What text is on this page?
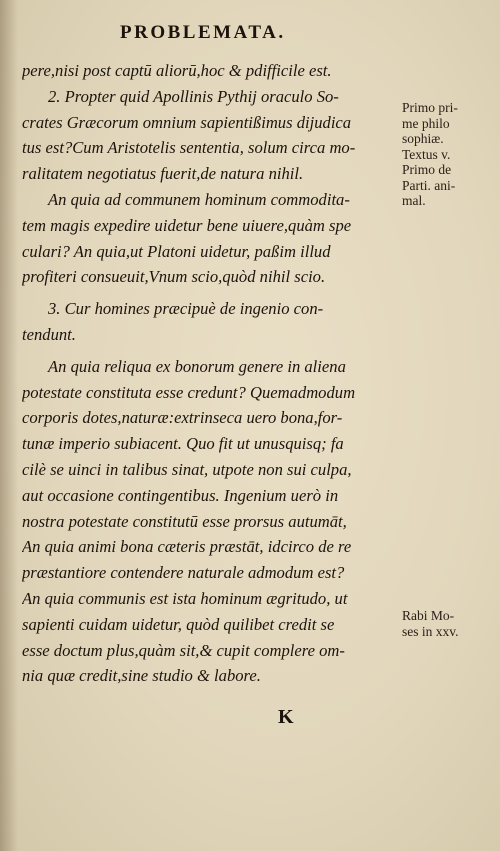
PROBLEMATA.
pere,nisi post captū aliorū,hoc & pdifficile est.
2. Propter quid Apollinis Pythij oraculo So-
crates Græcorum omnium sapientißimus dijudica
tus est?Cum Aristotelis sententia, solum circa mo-
ralitatem negotiatus fuerit,de natura nihil.
An quia ad communem hominum commodita-
tem magis expedire uidetur bene uiuere,quàm spe
culari? An quia,ut Platoni uidetur, paßim illud
profiteri consueuit,Vnum scio,quòd nihil scio.
3. Cur homines præcipuè de ingenio con-
tendunt.
An quia reliqua ex bonorum genere in aliena
potestate constituta esse credunt? Quemadmodum
corporis dotes,naturæ:extrinseca uero bona,for-
tunæ imperio subiacent. Quo fit ut unusquisq; fa
cilè se uinci in talibus sinat, utpote non sui culpa,
aut occasione contingentibus. Ingenium uerò in
nostra potestate constitutū esse prorsus autumāt,
An quia animi bona cæteris præstāt, idcirco de re
præstantiore contendere naturale admodum est?
An quia communis est ista hominum ægritudo, ut
sapienti cuidam uidetur, quòd quilibet credit se
esse doctum plus,quàm sit,& cupit complere om-
nia quæ credit,sine studio & labore.
Primo pri-
me philo
sophiæ.
Textus v.
Primo de
Parti. ani-
mal.
Rabi Mo-
ses in xxv.
K
